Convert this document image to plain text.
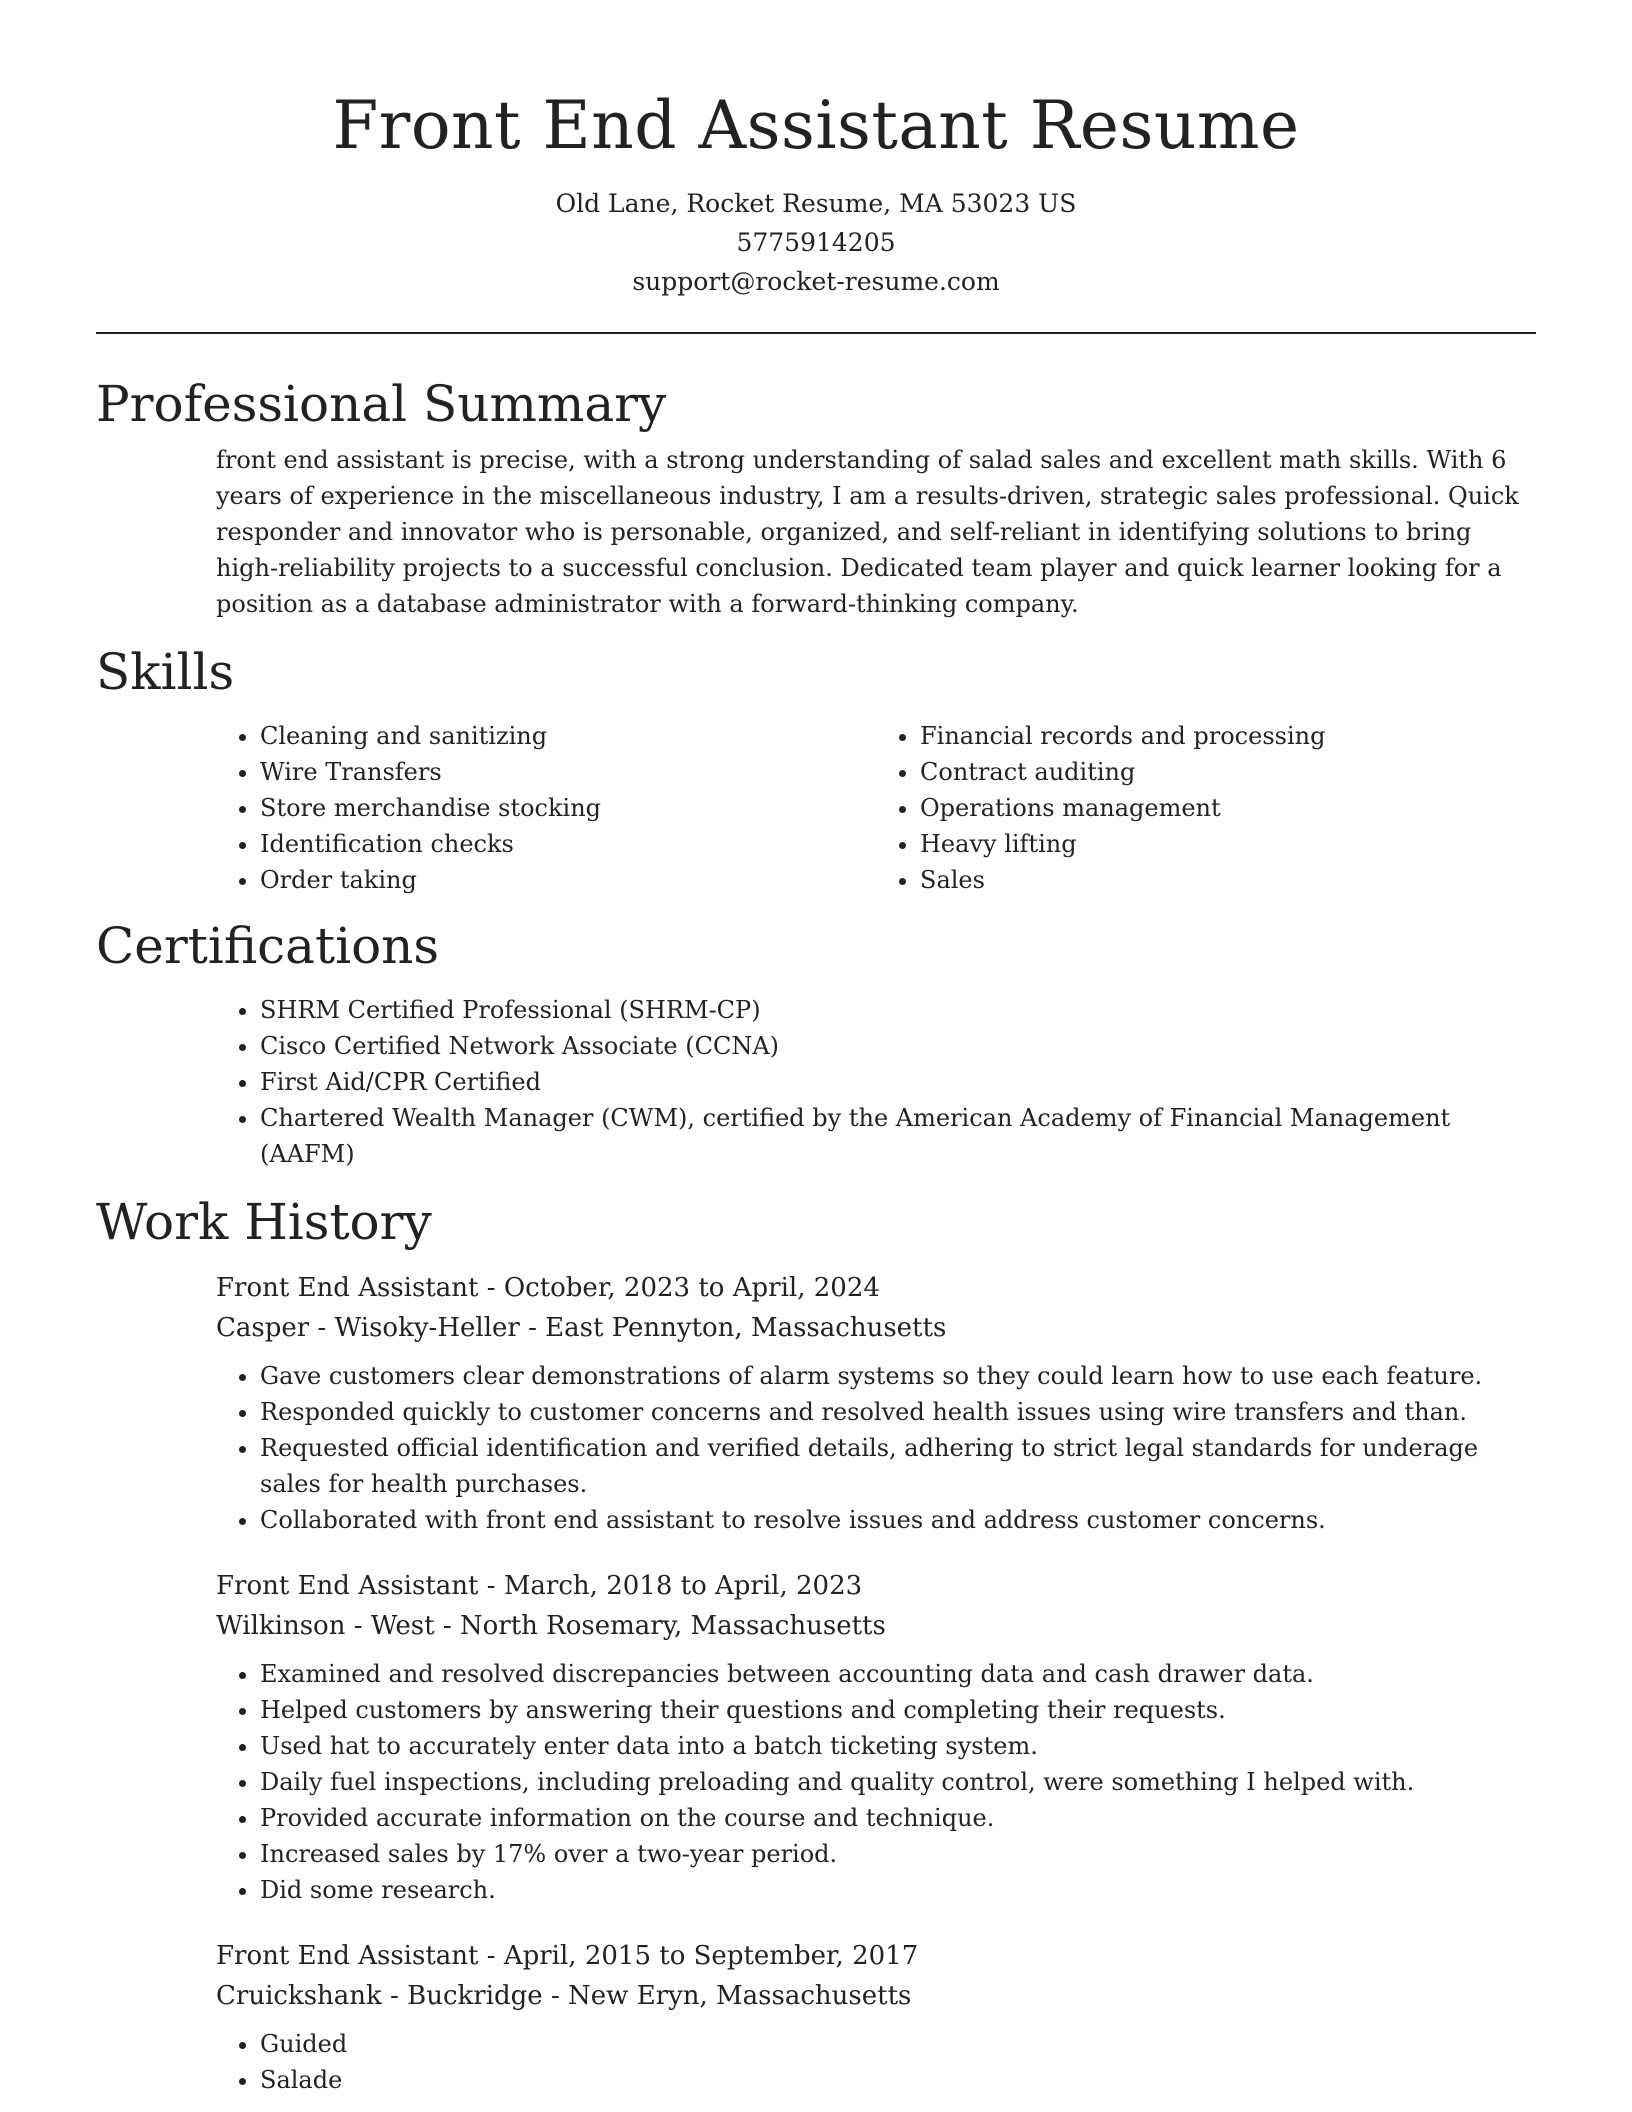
Front End Assistant Resume
Old Lane, Rocket Resume, MA 53023 US
5775914205
support@rocket-resume.com
Professional Summary
front end assistant is precise, with a strong understanding of salad sales and excellent math skills. With 6 years of experience in the miscellaneous industry, I am a results-driven, strategic sales professional. Quick responder and innovator who is personable, organized, and self-reliant in identifying solutions to bring high-reliability projects to a successful conclusion. Dedicated team player and quick learner looking for a position as a database administrator with a forward-thinking company.
Skills
• Cleaning and sanitizing
• Wire Transfers
• Store merchandise stocking
• Identification checks
• Order taking
• Financial records and processing
• Contract auditing
• Operations management
• Heavy lifting
• Sales
Certifications
• SHRM Certified Professional (SHRM-CP)
• Cisco Certified Network Associate (CCNA)
• First Aid/CPR Certified
• Chartered Wealth Manager (CWM), certified by the American Academy of Financial Management (AAFM)
Work History
Front End Assistant - October, 2023 to April, 2024
Casper - Wisoky-Heller - East Pennyton, Massachusetts
• Gave customers clear demonstrations of alarm systems so they could learn how to use each feature.
• Responded quickly to customer concerns and resolved health issues using wire transfers and than.
• Requested official identification and verified details, adhering to strict legal standards for underage sales for health purchases.
• Collaborated with front end assistant to resolve issues and address customer concerns.
Front End Assistant - March, 2018 to April, 2023
Wilkinson - West - North Rosemary, Massachusetts
• Examined and resolved discrepancies between accounting data and cash drawer data.
• Helped customers by answering their questions and completing their requests.
• Used hat to accurately enter data into a batch ticketing system.
• Daily fuel inspections, including preloading and quality control, were something I helped with.
• Provided accurate information on the course and technique.
• Increased sales by 17% over a two-year period.
• Did some research.
Front End Assistant - April, 2015 to September, 2017
Cruickshank - Buckridge - New Eryn, Massachusetts
• Guided
• Salade
